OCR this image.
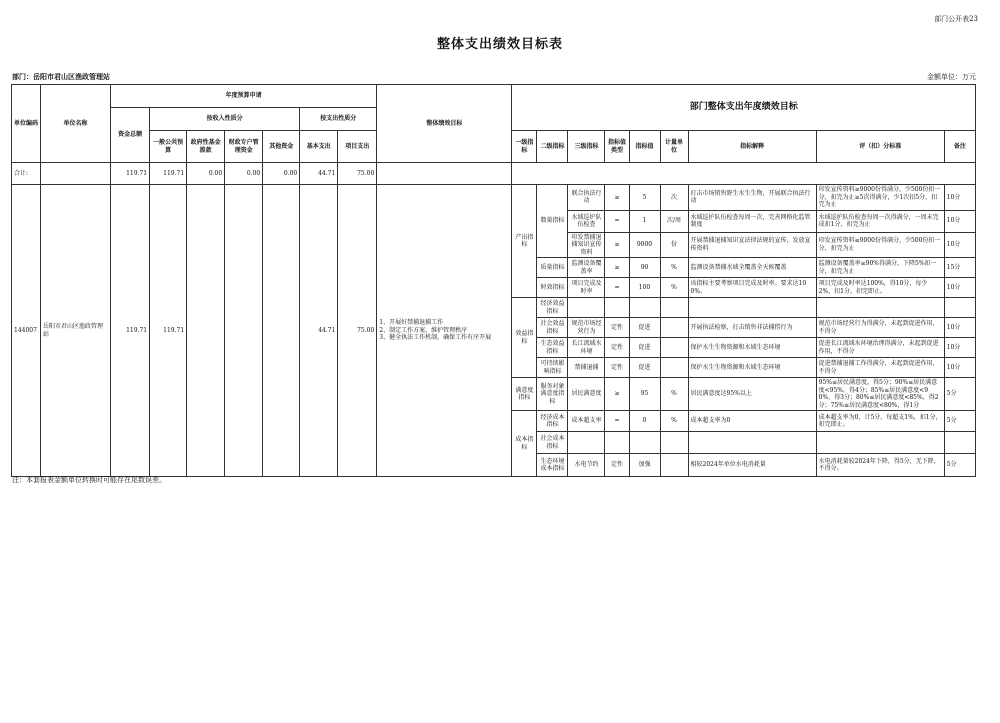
部门公开表23
整体支出绩效目标表
部门：岳阳市君山区渔政管理站	金额单位：万元
单位编码	单位名称	年度预算申请							整体绩效目标	部门整体支出年度绩效目标								
		资金总额	按收入性质分				按支出性质分											
			一般公共预算	政府性基金拨款	财政专户管理资金	其他资金	基本支出	项目支出		一级指标	二级指标	三级指标	指标值类型	指标值	计量单位	指标解释	评（扣）分标准	备注
合计:		119.71	119.71	0.00	0.00	0.00	44.71	75.00										
144007	岳阳市君山区渔政管理站	119.71	119.71				44.71	75.00	1、开展好禁捕退捕工作
2、制定工作方案，维护管理秩序
3、健全执法工作机制，确保工作有序开展	产出指标	数量指标	联合执法行动	≥	5	次	打击市场销售野生水生生物，开展联合执法行动	印发宣传资料≥9000份得满分，少500份扣一分，扣完为止≥5次得满分，少1次扣5分，扣完为止	10分
												水域巡护队伍检查	=	1	次/周	水域巡护队伍检查每周一次，完善网格化监管制度	水域巡护队伍检查每周一次得满分，一周未完成扣1分，扣完为止	10分
												印发禁捕退捕知识宣传资料	≥	9000	份	开展禁捕退捕知识宣法律法规的宣传，发放宣传资料	印发宣传资料≥9000份得满分，少500份扣一分，扣完为止	10分
											质量指标	监测设备覆盖率	≥	90	%	监测设备禁捕水域全覆盖全天候覆盖	监测设备覆盖率≥90%得满分，下降5%扣一分，扣完为止	15分
											时效指标	项目完成及时率	=	100	%	该指标主要考察项目完成及时率。要求达100%。	项目完成及时率达100%，得10分，每少2%，扣1分，扣完即止。	10分
										效益指标	经济效益指标							
											社会效益指标	规范市场经营行为	定性	促进		开展执法检察，打击销售非法捕捞行为	规范市场经营行为得满分，未起到促进作用，不得分	10分
											生态效益指标	长江流域水环境	定性	促进		保护水生生物资源和水域生态环境	促进长江流域水环境治理得满分，未起到促进作用，不得分	10分
											可持续影响指标	禁捕退捕	定性	促进		保护水生生物资源和水域生态环境	促进禁捕退捕工作得满分，未起到促进作用，不得分	10分
										满意度指标	服务对象满意度指标	居民满意度	≥	95	%	居民满意度达95%以上	95%≤居民满意度，得5分；90%≤居民满意度<95%，得4分；85%≤居民满意度<90%，得3分；80%≤居民满意度<85%，得2分；75%≤居民满意度<80%，得1分	5分
										成本指标	经济成本指标	成本超支率	=	0	%	成本超支率为0	成本超支率为0，计5分，每超支1%，扣1分，扣完即止。	5分
											社会成本指标							
											生态环境成本指标	水电节约	定性	加强		相较2024年单位水电消耗量	水电消耗量较2024年下降，得5分，无下降，不得分。	5分
注：本套报表金额单位转换时可能存在尾数误差。
